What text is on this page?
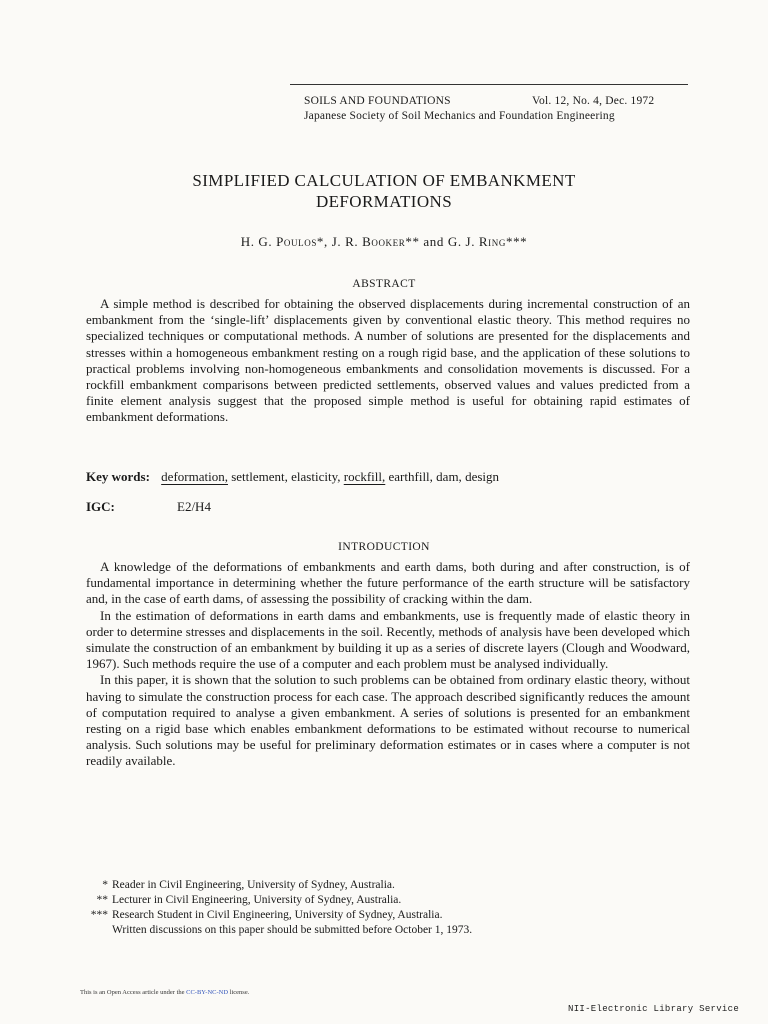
SOILS AND FOUNDATIONS	Vol. 12, No. 4, Dec. 1972
Japanese Society of Soil Mechanics and Foundation Engineering
SIMPLIFIED CALCULATION OF EMBANKMENT
DEFORMATIONS
H. G. Poulos*, J. R. Booker** and G. J. Ring***
ABSTRACT

A simple method is described for obtaining the observed displacements during incremental construction of an embankment from the ‘single-lift’ displacements given by conventional elastic theory. This method requires no specialized techniques or computational methods. A number of solutions are presented for the displacements and stresses within a homogeneous embankment resting on a rough rigid base, and the application of these solutions to practical problems involving non-homogeneous embankments and consolidation movements is discussed. For a rockfill embankment comparisons between predicted settlements, observed values and values predicted from a finite element analysis suggest that the proposed simple method is useful for obtaining rapid estimates of embankment deformations.

Key words: deformation, settlement, elasticity, rockfill, earthfill, dam, design
IGC:	E2/H4
INTRODUCTION

A knowledge of the deformations of embankments and earth dams, both during and after construction, is of fundamental importance in determining whether the future performance of the earth structure will be satisfactory and, in the case of earth dams, of assessing the possibility of cracking within the dam.

In the estimation of deformations in earth dams and embankments, use is frequently made of elastic theory in order to determine stresses and displacements in the soil. Recently, methods of analysis have been developed which simulate the construction of an embankment by building it up as a series of discrete layers (Clough and Woodward, 1967). Such methods require the use of a computer and each problem must be analysed individually.

In this paper, it is shown that the solution to such problems can be obtained from ordinary elastic theory, without having to simulate the construction process for each case. The approach described significantly reduces the amount of computation required to analyse a given embankment. A series of solutions is presented for an embankment resting on a rigid base which enables embankment deformations to be estimated without recourse to numerical analysis. Such solutions may be useful for preliminary deformation estimates or in cases where a computer is not readily available.

* Reader in Civil Engineering, University of Sydney, Australia.
** Lecturer in Civil Engineering, University of Sydney, Australia.
*** Research Student in Civil Engineering, University of Sydney, Australia.
Written discussions on this paper should be submitted before October 1, 1973.
This is an Open Access article under the CC-BY-NC-ND license.
NII-Electronic Library Service
